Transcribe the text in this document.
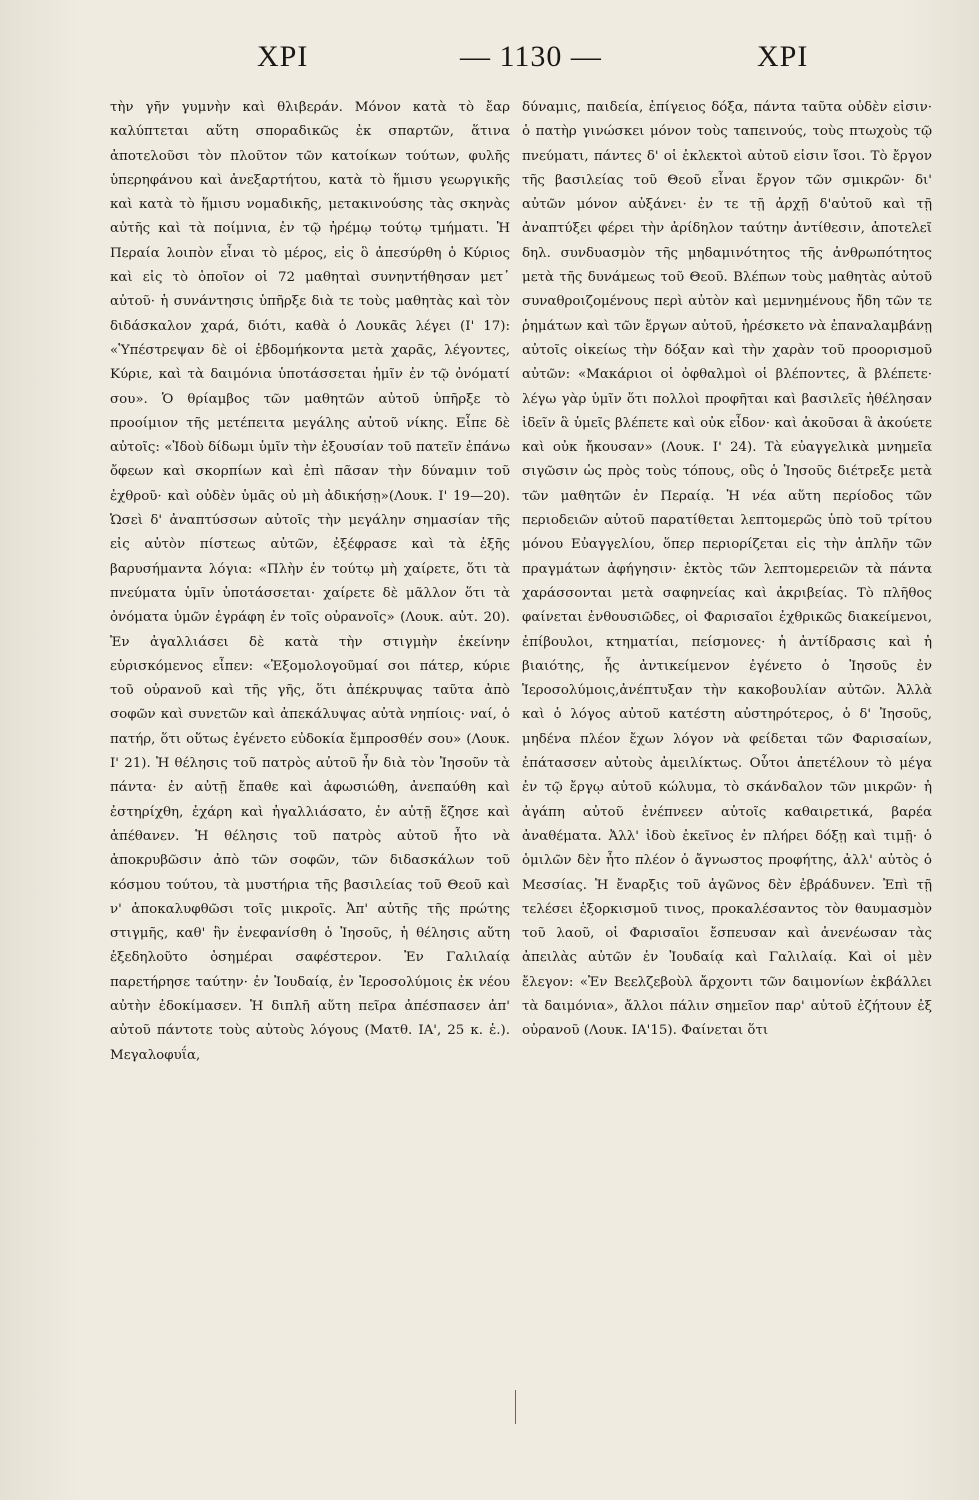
ΧΡΙ	— 1130 —	ΧΡΙ
τὴν γῆν γυμνὴν καὶ θλιβεράν. Μόνον κατὰ τὸ ἔαρ καλύπτεται αὕτη σποραδικῶς ἐκ σπαρτῶν, ἅτινα ἀποτελοῦσι τὸν πλοῦτον τῶν κατοίκων τούτων, φυλῆς ὑπερηφάνου καὶ ἀνεξαρτήτου, κατὰ τὸ ἥμισυ γεωργικῆς καὶ κατὰ τὸ ἥμισυ νομαδικῆς, μετακινούσης τὰς σκηνὰς αὐτῆς καὶ τὰ ποίμνια, ἐν τῷ ἠρέμῳ τούτῳ τμήματι. Ἡ Περαία λοιπὸν εἶναι τὸ μέρος, εἰς ὃ ἀπεσύρθη ὁ Κύριος καὶ εἰς τὸ ὁποῖον οἱ 72 μαθηταὶ συνηντήθησαν μετ᾽ αὐτοῦ· ἡ συνάντησις ὑπῆρξε διὰ τε τοὺς μαθητὰς καὶ τὸν διδάσκαλον χαρά, διότι, καθὰ ὁ Λουκᾶς λέγει (Ι' 17): «Ὑπέστρεψαν δὲ οἱ ἑβδομήκοντα μετὰ χαρᾶς, λέγοντες, Κύριε, καὶ τὰ δαιμόνια ὑποτάσσεται ἡμῖν ἐν τῷ ὀνόματί σου». Ὁ θρίαμβος τῶν μαθητῶν αὐτοῦ ὑπῆρξε τὸ προοίμιον τῆς μετέπειτα μεγάλης αὐτοῦ νίκης. Εἶπε δὲ αὐτοῖς: «Ἰδοὺ δίδωμι ὑμῖν τὴν ἐξουσίαν τοῦ πατεῖν ἐπάνω ὄφεων καὶ σκορπίων καὶ ἐπὶ πᾶσαν τὴν δύναμιν τοῦ ἐχθροῦ· καὶ οὐδὲν ὑμᾶς οὐ μὴ ἀδικήσῃ»(Λουκ. Ι' 19—20). Ὡσεὶ δ' ἀναπτύσσων αὐτοῖς τὴν μεγάλην σημασίαν τῆς εἰς αὐτὸν πίστεως αὐτῶν, ἐξέφρασε καὶ τὰ ἑξῆς βαρυσήμαντα λόγια: «Πλὴν ἐν τούτῳ μὴ χαίρετε, ὅτι τὰ πνεύματα ὑμῖν ὑποτάσσεται· χαίρετε δὲ μᾶλλον ὅτι τὰ ὀνόματα ὑμῶν ἐγράφη ἐν τοῖς οὐρανοῖς» (Λουκ. αὐτ. 20). Ἐν ἀγαλλιάσει δὲ κατὰ τὴν στιγμὴν ἐκείνην εὑρισκόμενος εἶπεν: «Ἐξομολογοῦμαί σοι πάτερ, κύριε τοῦ οὐρανοῦ καὶ τῆς γῆς, ὅτι ἀπέκρυψας ταῦτα ἀπὸ σοφῶν καὶ συνετῶν καὶ ἀπεκάλυψας αὐτὰ νηπίοις· ναί, ὁ πατήρ, ὅτι οὕτως ἐγένετο εὐδοκία ἔμπροσθέν σου» (Λουκ. Ι' 21). Ἡ θέλησις τοῦ πατρὸς αὐτοῦ ἦν διὰ τὸν Ἰησοῦν τὰ πάντα· ἐν αὐτῇ ἔπαθε καὶ ἀφωσιώθη, ἀνεπαύθη καὶ ἐστηρίχθη, ἐχάρη καὶ ἠγαλλιάσατο, ἐν αὐτῇ ἔζησε καὶ ἀπέθανεν. Ἡ θέλησις τοῦ πατρὸς αὐτοῦ ἦτο νὰ ἀποκρυβῶσιν ἀπὸ τῶν σοφῶν, τῶν διδασκάλων τοῦ κόσμου τούτου, τὰ μυστήρια τῆς βασιλείας τοῦ Θεοῦ καὶ ν' ἀποκαλυφθῶσι τοῖς μικροῖς. Ἀπ' αὐτῆς τῆς πρώτης στιγμῆς, καθ' ἣν ἐνεφανίσθη ὁ Ἰησοῦς, ἡ θέλησις αὕτη ἐξεδηλοῦτο ὁσημέραι σαφέστερον. Ἐν Γαλιλαίᾳ παρετήρησε ταύτην· ἐν Ἰουδαίᾳ, ἐν Ἱεροσολύμοις ἐκ νέου αὐτὴν ἐδοκίμασεν. Ἡ διπλῆ αὕτη πεῖρα ἀπέσπασεν ἀπ' αὐτοῦ πάντοτε τοὺς αὐτοὺς λόγους (Ματθ. ΙΑ', 25 κ. ἑ.). Μεγαλοφυΐα,
δύναμις, παιδεία, ἐπίγειος δόξα, πάντα ταῦτα οὐδὲν εἰσιν· ὁ πατὴρ γινώσκει μόνον τοὺς ταπεινούς, τοὺς πτωχοὺς τῷ πνεύματι, πάντες δ' οἱ ἐκλεκτοὶ αὐτοῦ εἰσιν ἴσοι. Τὸ ἔργον τῆς βασιλείας τοῦ Θεοῦ εἶναι ἔργον τῶν σμικρῶν· δι' αὐτῶν μόνον αὐξάνει· ἐν τε τῇ ἀρχῇ δ'αὐτοῦ καὶ τῇ ἀναπτύξει φέρει τὴν ἀρίδηλον ταύτην ἀντίθεσιν, ἀποτελεῖ δηλ. συνδυασμὸν τῆς μηδαμινότητος τῆς ἀνθρωπότητος μετὰ τῆς δυνάμεως τοῦ Θεοῦ. Βλέπων τοὺς μαθητὰς αὐτοῦ συναθροιζομένους περὶ αὐτὸν καὶ μεμνημένους ἤδη τῶν τε ῥημάτων καὶ τῶν ἔργων αὐτοῦ, ἠρέσκετο νὰ ἐπαναλαμβάνῃ αὐτοῖς οἰκείως τὴν δόξαν καὶ τὴν χαρὰν τοῦ προορισμοῦ αὐτῶν: «Μακάριοι οἱ ὀφθαλμοὶ οἱ βλέποντες, ἃ βλέπετε· λέγω γὰρ ὑμῖν ὅτι πολλοὶ προφῆται καὶ βασιλεῖς ἠθέλησαν ἰδεῖν ἃ ὑμεῖς βλέπετε καὶ οὐκ εἶδον· καὶ ἀκοῦσαι ἃ ἀκούετε καὶ οὐκ ἤκουσαν» (Λουκ. Ι' 24). Τὰ εὐαγγελικὰ μνημεῖα σιγῶσιν ὡς πρὸς τοὺς τόπους, οὓς ὁ Ἰησοῦς διέτρεξε μετὰ τῶν μαθητῶν ἐν Περαίᾳ. Ἡ νέα αὕτη περίοδος τῶν περιοδειῶν αὐτοῦ παρατίθεται λεπτομερῶς ὑπὸ τοῦ τρίτου μόνου Εὐαγγελίου, ὅπερ περιορίζεται εἰς τὴν ἁπλῆν τῶν πραγμάτων ἀφήγησιν· ἐκτὸς τῶν λεπτομερειῶν τὰ πάντα χαράσσονται μετὰ σαφηνείας καὶ ἀκριβείας. Τὸ πλῆθος φαίνεται ἐνθουσιῶδες, οἱ Φαρισαῖοι ἐχθρικῶς διακείμενοι, ἐπίβουλοι, κτηματίαι, πείσμονες· ἡ ἀντίδρασις καὶ ἡ βιαιότης, ἧς ἀντικείμενον ἐγένετο ὁ Ἰησοῦς ἐν Ἱεροσολύμοις,ἀνέπτυξαν τὴν κακοβουλίαν αὐτῶν. Ἀλλὰ καὶ ὁ λόγος αὐτοῦ κατέστη αὐστηρότερος, ὁ δ' Ἰησοῦς, μηδένα πλέον ἔχων λόγον νὰ φείδεται τῶν Φαρισαίων, ἐπάτασσεν αὐτοὺς ἀμειλίκτως. Οὗτοι ἀπετέλουν τὸ μέγα ἐν τῷ ἔργῳ αὐτοῦ κώλυμα, τὸ σκάνδαλον τῶν μικρῶν· ἡ ἀγάπη αὐτοῦ ἐνέπνεεν αὐτοῖς καθαιρετικά, βαρέα ἀναθέματα. Ἀλλ' ἰδοὺ ἐκεῖνος ἐν πλήρει δόξῃ καὶ τιμῇ· ὁ ὁμιλῶν δὲν ἦτο πλέον ὁ ἄγνωστος προφήτης, ἀλλ' αὐτὸς ὁ Μεσσίας. Ἡ ἔναρξις τοῦ ἀγῶνος δὲν ἐβράδυνεν. Ἐπὶ τῇ τελέσει ἐξορκισμοῦ τινος, προκαλέσαντος τὸν θαυμασμὸν τοῦ λαοῦ, οἱ Φαρισαῖοι ἔσπευσαν καὶ ἀνενέωσαν τὰς ἀπειλὰς αὐτῶν ἐν Ἰουδαίᾳ καὶ Γαλιλαίᾳ. Καὶ οἱ μὲν ἔλεγον: «Ἐν Βεελζεβοὺλ ἄρχοντι τῶν δαιμονίων ἐκβάλλει τὰ δαιμόνια», ἄλλοι πάλιν σημεῖον παρ' αὐτοῦ ἐζήτουν ἐξ οὐρανοῦ (Λουκ. ΙΑ'15). Φαίνεται ὅτι
